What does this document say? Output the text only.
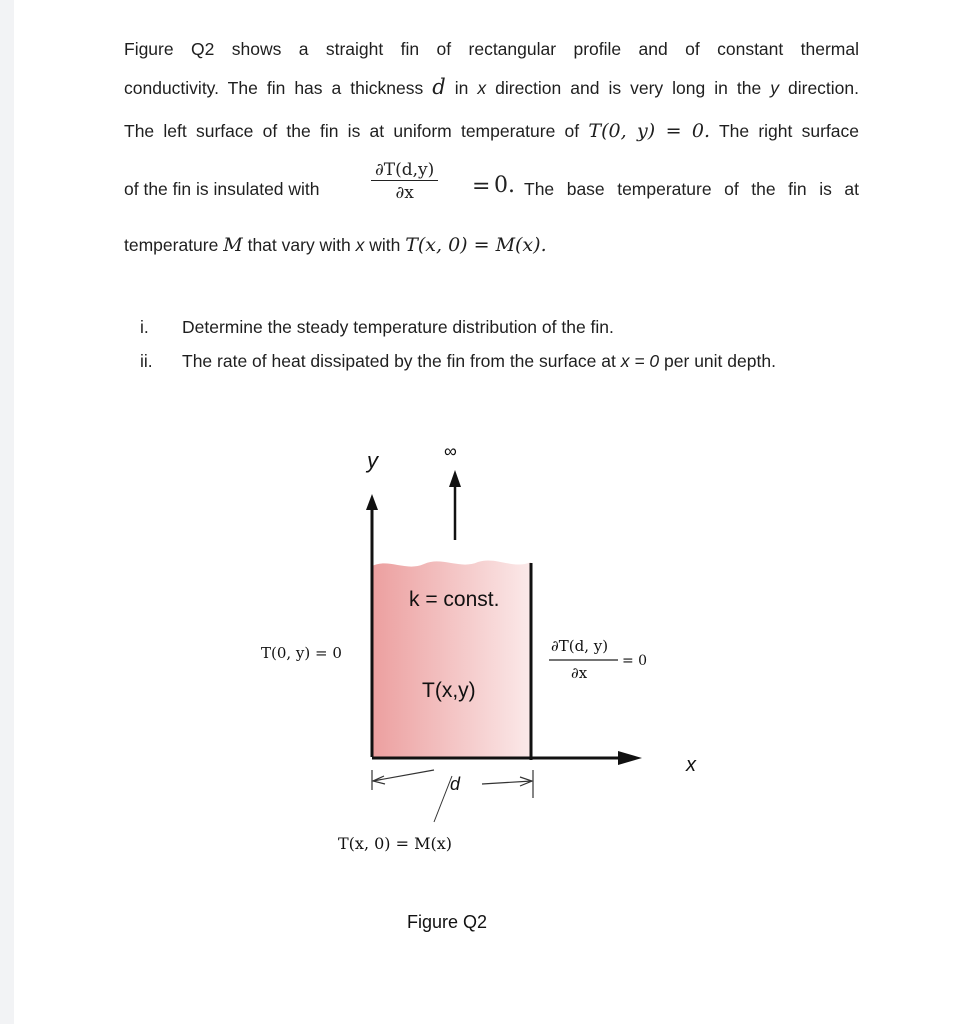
Figure Q2 shows a straight fin of rectangular profile and of constant thermal
conductivity. The fin has a thickness d in x direction and is very long in the y direction.
The left surface of the fin is at uniform temperature of T(0, y) = 0. The right surface
of the fin is insulated with	$\frac{\partial T(d,y)}{\partial x} = 0$. The base temperature of the fin is at
temperature M that vary with x with T(x, 0) = M(x).
i. Determine the steady temperature distribution of the fin.
ii. The rate of heat dissipated by the fin from the surface at x = 0 per unit depth.
y	∞
k = const.
T(x,y)
T(0, y) = 0	∂T(d, y)
∂x
= 0
x
d
T(x, 0) = M(x)
Figure Q2
